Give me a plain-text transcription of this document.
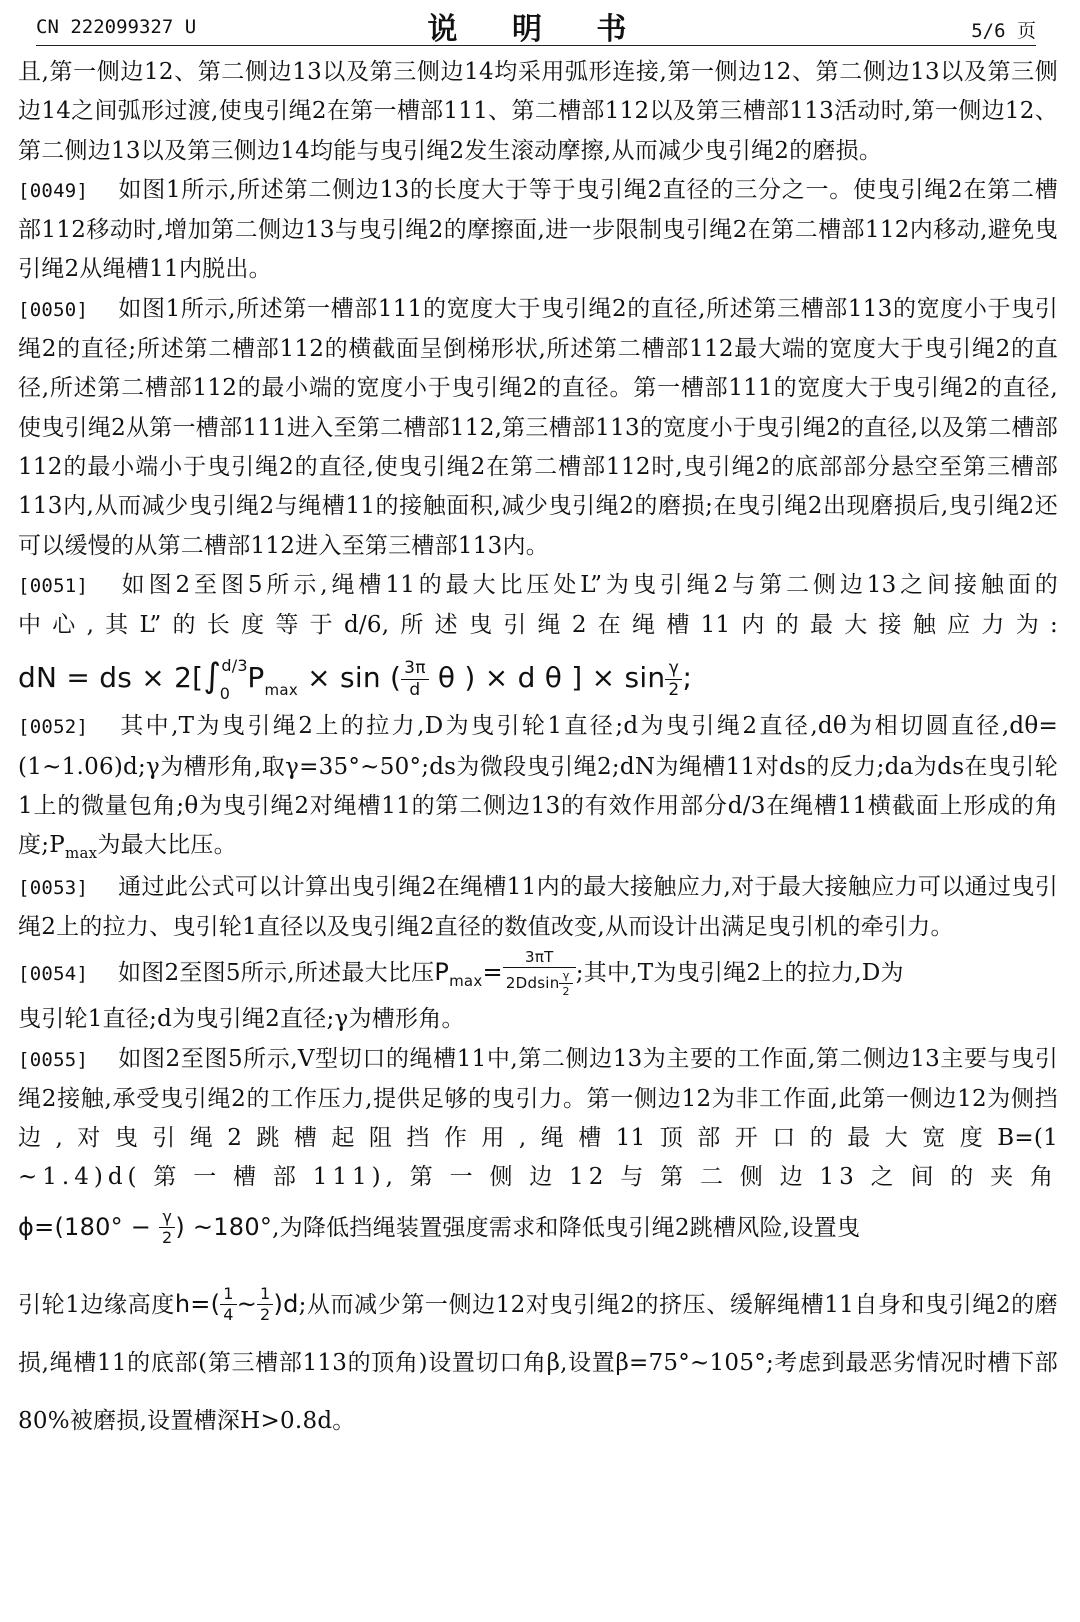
CN 222099327 U	说 明 书	5/6 页

且,第一侧边12、第二侧边13以及第三侧边14均采用弧形连接,第一侧边12、第二侧边13以及第三侧边14之间弧形过渡,使曳引绳2在第一槽部111、第二槽部112以及第三槽部113活动时,第一侧边12、第二侧边13以及第三侧边14均能与曳引绳2发生滚动摩擦,从而减少曳引绳2的磨损。

[0049] 如图1所示,所述第二侧边13的长度大于等于曳引绳2直径的三分之一。使曳引绳2在第二槽部112移动时,增加第二侧边13与曳引绳2的摩擦面,进一步限制曳引绳2在第二槽部112内移动,避免曳引绳2从绳槽11内脱出。

[0050] 如图1所示,所述第一槽部111的宽度大于曳引绳2的直径,所述第三槽部113的宽度小于曳引绳2的直径;所述第二槽部112的横截面呈倒梯形状,所述第二槽部112最大端的宽度大于曳引绳2的直径,所述第二槽部112的最小端的宽度小于曳引绳2的直径。第一槽部111的宽度大于曳引绳2的直径,使曳引绳2从第一槽部111进入至第二槽部112,第三槽部113的宽度小于曳引绳2的直径,以及第二槽部112的最小端小于曳引绳2的直径,使曳引绳2在第二槽部112时,曳引绳2的底部部分悬空至第三槽部113内,从而减少曳引绳2与绳槽11的接触面积,减少曳引绳2的磨损;在曳引绳2出现磨损后,曳引绳2还可以缓慢的从第二槽部112进入至第三槽部113内。

[0051] 如图2至图5所示,绳槽11的最大比压处L”为曳引绳2与第二侧边13之间接触面的

中心,其L”的长度等于d/6,所述曳引绳2在绳槽11内的最大接触应力为:

dN = ds × 2[∫$^{d/3}_0$ $P_{max} \times \sin$ ( $\frac{3\pi}{d}$ θ ) × d θ ] × $\sin \frac{\gamma}{2}$ ;

[0052] 其中,T为曳引绳2上的拉力,D为曳引轮1直径;d为曳引绳2直径,dθ为相切圆直径,dθ=(1~1.06)d;γ为槽形角,取γ=35°~50°;ds为微段曳引绳2;dN为绳槽11对ds的反力;da为ds在曳引轮1上的微量包角;θ为曳引绳2对绳槽11的第二侧边13的有效作用部分d/3在绳槽11横截面上形成的角度$;P_{max}$为最大比压。

[0053] 通过此公式可以计算出曳引绳2在绳槽11内的最大接触应力,对于最大接触应力可以通过曳引绳2上的拉力、曳引轮1直径以及曳引绳2直径的数值改变,从而设计出满足曳引机的牵引力。

[0054] 如图2至图5所示,所述最大比压$P_{max}= \frac{3\pi T}{2Ddsin \frac{\gamma}{2}}$ ;其中,T为曳引绳2上的拉力,D为

曳引轮1直径;d为曳引绳2直径;γ为槽形角。

[0055] 如图2至图5所示,V型切口的绳槽11中,第二侧边13为主要的工作面,第二侧边13主要与曳引绳2接触,承受曳引绳2的工作压力,提供足够的曳引力。第一侧边12为非工作面,此第一侧边12为侧挡边,对曳引绳2跳槽起阻挡作用,绳槽11顶部开口的最大宽度B=(1

~1.4)d(第一槽部111),第一侧边12与第二侧边13之间的夹角

$\phi=(180^\circ - \frac{\gamma}{2}$ ) ~180°,为降低挡绳装置强度需求和降低曳引绳2跳槽风险,设置曳

引轮1边缘高度$h=( \frac{1}{4}$ ~ $\frac{1}{2} )d$;从而减少第一侧边12对曳引绳2的挤压、缓解绳槽11自身和曳引绳2的磨损,绳槽11的底部(第三槽部113的顶角)设置切口角β,设置β=75°~105°;考虑到最恶劣情况时槽下部80%被磨损,设置槽深H>0.8d。
